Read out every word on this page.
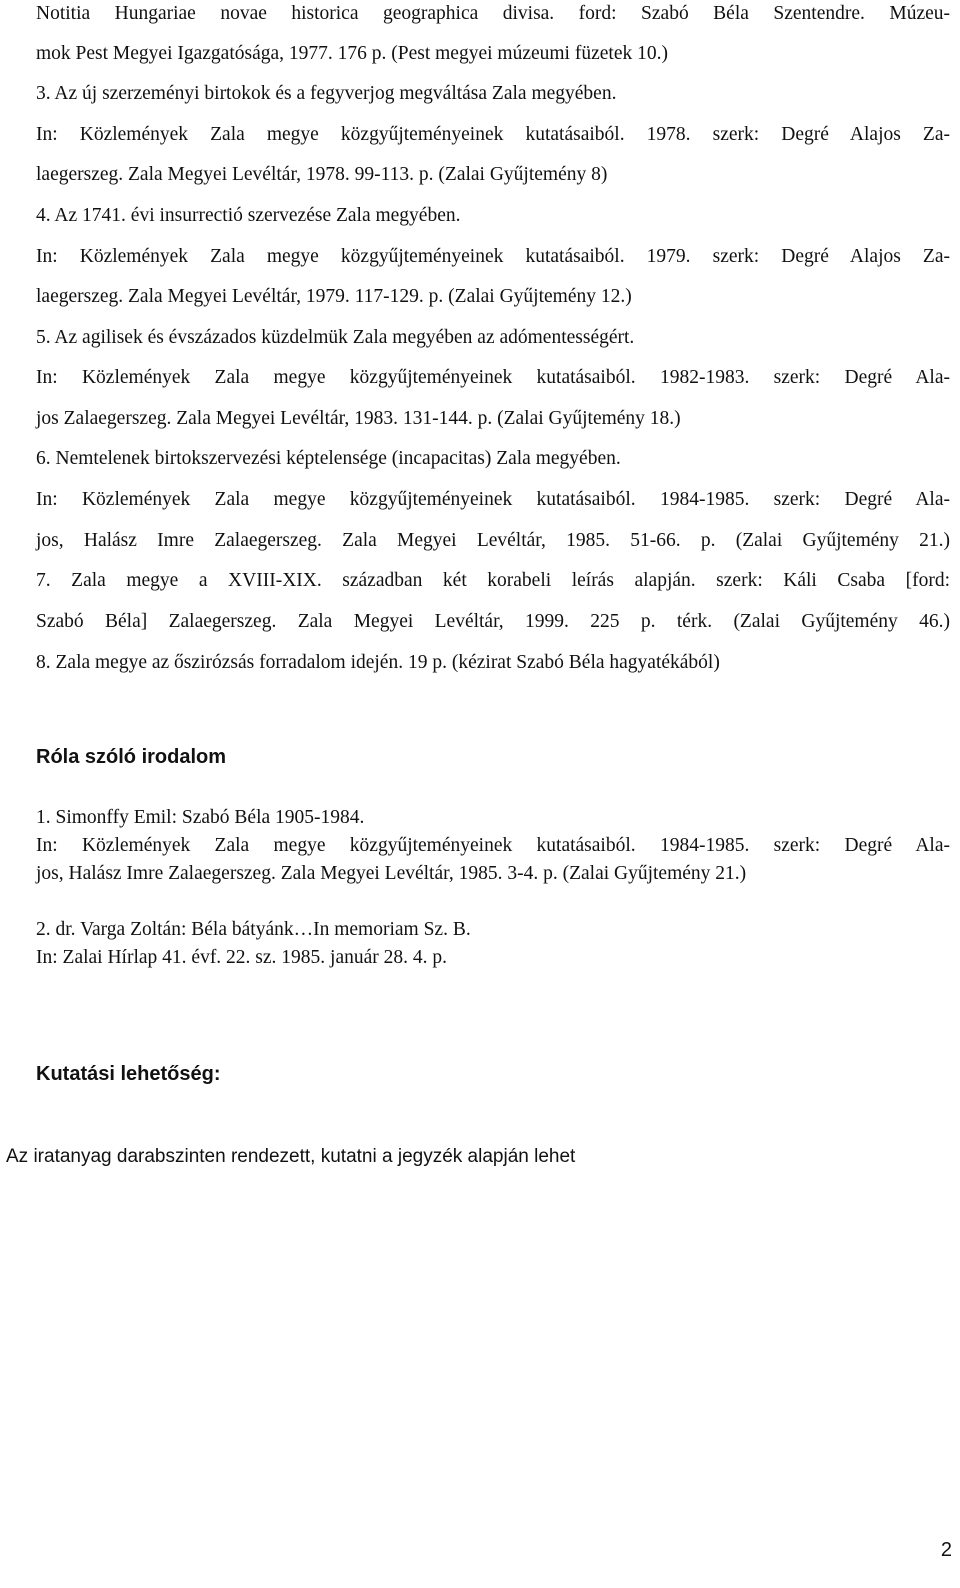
Notitia Hungariae novae historica geographica divisa. ford: Szabó Béla Szentendre. Múzeu-
mok Pest Megyei Igazgatósága, 1977. 176 p. (Pest megyei múzeumi füzetek 10.)
3. Az új szerzeményi birtokok és a fegyverjog megváltása Zala megyében.
In: Közlemények Zala megye közgyűjteményeinek kutatásaiból. 1978. szerk: Degré Alajos Za-
laegerszeg. Zala Megyei Levéltár, 1978. 99-113. p. (Zalai Gyűjtemény 8)
4. Az 1741. évi insurrectió szervezése Zala megyében.
In: Közlemények Zala megye közgyűjteményeinek kutatásaiból. 1979. szerk: Degré Alajos Za-
laegerszeg. Zala Megyei Levéltár, 1979. 117-129. p. (Zalai Gyűjtemény 12.)
5. Az agilisek és évszázados küzdelmük Zala megyében az adómentességért.
In: Közlemények Zala megye közgyűjteményeinek kutatásaiból. 1982-1983. szerk: Degré Ala-
jos Zalaegerszeg. Zala Megyei Levéltár, 1983. 131-144. p. (Zalai Gyűjtemény 18.)
6. Nemtelenek birtokszervezési képtelensége (incapacitas) Zala megyében.
In: Közlemények Zala megye közgyűjteményeinek kutatásaiból. 1984-1985. szerk: Degré Ala-
jos, Halász Imre Zalaegerszeg. Zala Megyei Levéltár, 1985. 51-66. p. (Zalai Gyűjtemény 21.)
7. Zala megye a XVIII-XIX. században két korabeli leírás alapján. szerk: Káli Csaba [ford:
Szabó Béla] Zalaegerszeg. Zala Megyei Levéltár, 1999. 225 p. térk. (Zalai Gyűjtemény 46.)
8. Zala megye az őszirózsás forradalom idején. 19 p. (kézirat Szabó Béla hagyatékából)
Róla szóló irodalom
1. Simonffy Emil: Szabó Béla 1905-1984.
In: Közlemények Zala megye közgyűjteményeinek kutatásaiból. 1984-1985. szerk: Degré Ala-
jos, Halász Imre Zalaegerszeg. Zala Megyei Levéltár, 1985. 3-4. p. (Zalai Gyűjtemény 21.)
2. dr. Varga Zoltán: Béla bátyánk…In memoriam Sz. B.
In: Zalai Hírlap 41. évf. 22. sz. 1985. január 28. 4. p.
Kutatási lehetőség:
Az iratanyag darabszinten rendezett, kutatni a jegyzék alapján lehet
2
